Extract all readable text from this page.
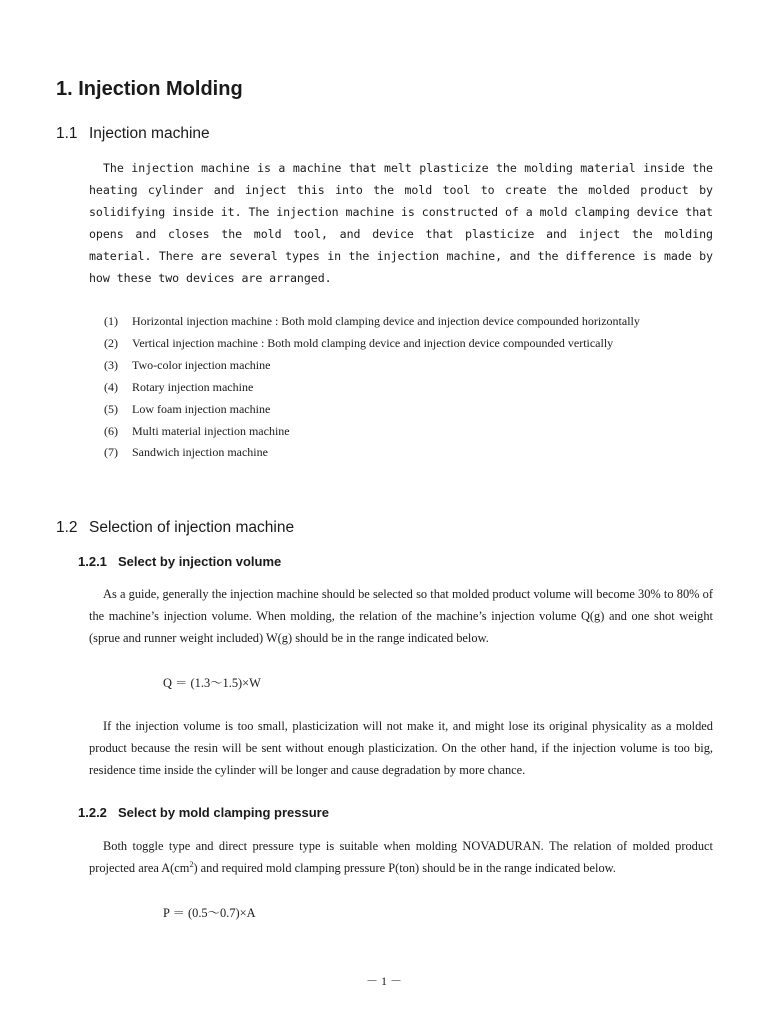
1. Injection Molding
1.1 Injection machine

The injection machine is a machine that melt plasticize the molding material inside the heating cylinder and inject this into the mold tool to create the molded product by solidifying inside it. The injection machine is constructed of a mold clamping device that opens and closes the mold tool, and device that plasticize and inject the molding material. There are several types in the injection machine, and the difference is made by how these two devices are arranged.

(1)	Horizontal injection machine : Both mold clamping device and injection device compounded horizontally
(2)	Vertical injection machine : Both mold clamping device and injection device compounded vertically
(3)	Two-color injection machine
(4)	Rotary injection machine
(5)	Low foam injection machine
(6)	Multi material injection machine
(7)	Sandwich injection machine
1.2 Selection of injection machine
1.2.1 Select by injection volume

As a guide, generally the injection machine should be selected so that molded product volume will become 30% to 80% of the machine’s injection volume. When molding, the relation of the machine’s injection volume Q(g) and one shot weight (sprue and runner weight included) W(g) should be in the range indicated below.

Q ＝ (1.3～1.5)×W

If the injection volume is too small, plasticization will not make it, and might lose its original physicality as a molded product because the resin will be sent without enough plasticization. On the other hand, if the injection volume is too big, residence time inside the cylinder will be longer and cause degradation by more chance.

1.2.2 Select by mold clamping pressure

Both toggle type and direct pressure type is suitable when molding NOVADURAN. The relation of molded product projected area $A(cm^2)$ and required mold clamping pressure P(ton) should be in the range indicated below.

P ＝ (0.5～0.7)×A
－ 1 －
